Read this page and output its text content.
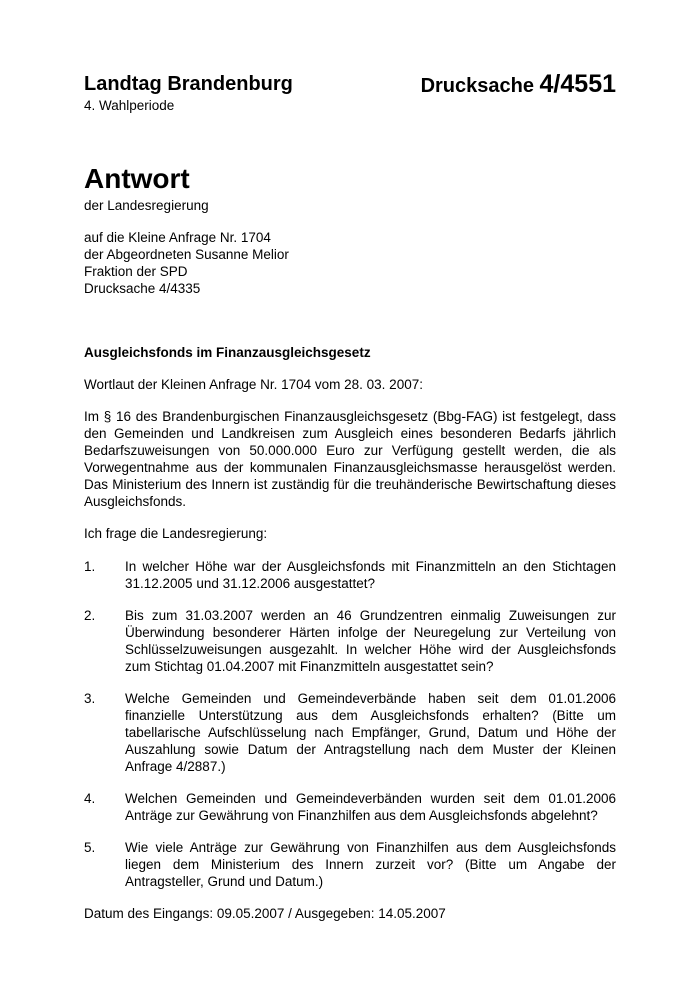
Landtag Brandenburg	Drucksache 4/4551
4. Wahlperiode
Antwort
der Landesregierung
auf die Kleine Anfrage Nr. 1704
der Abgeordneten Susanne Melior
Fraktion der SPD
Drucksache 4/4335
Ausgleichsfonds im Finanzausgleichsgesetz
Wortlaut der Kleinen Anfrage Nr. 1704 vom 28. 03. 2007:
Im § 16 des Brandenburgischen Finanzausgleichsgesetz (Bbg-FAG) ist festgelegt, dass den Gemeinden und Landkreisen zum Ausgleich eines besonderen Bedarfs jährlich Bedarfszuweisungen von 50.000.000 Euro zur Verfügung gestellt werden, die als Vorwegentnahme aus der kommunalen Finanzausgleichsmasse herausgelöst werden. Das Ministerium des Innern ist zuständig für die treuhänderische Bewirtschaftung dieses Ausgleichsfonds.
Ich frage die Landesregierung:
1.	In welcher Höhe war der Ausgleichsfonds mit Finanzmitteln an den Stichtagen 31.12.2005 und 31.12.2006 ausgestattet?
2.	Bis zum 31.03.2007 werden an 46 Grundzentren einmalig Zuweisungen zur Überwindung besonderer Härten infolge der Neuregelung zur Verteilung von Schlüsselzuweisungen ausgezahlt. In welcher Höhe wird der Ausgleichsfonds zum Stichtag 01.04.2007 mit Finanzmitteln ausgestattet sein?
3.	Welche Gemeinden und Gemeindeverbände haben seit dem 01.01.2006 finanzielle Unterstützung aus dem Ausgleichsfonds erhalten? (Bitte um tabellarische Aufschlüsselung nach Empfänger, Grund, Datum und Höhe der Auszahlung sowie Datum der Antragstellung nach dem Muster der Kleinen Anfrage 4/2887.)
4.	Welchen Gemeinden und Gemeindeverbänden wurden seit dem 01.01.2006 Anträge zur Gewährung von Finanzhilfen aus dem Ausgleichsfonds abgelehnt?
5.	Wie viele Anträge zur Gewährung von Finanzhilfen aus dem Ausgleichsfonds liegen dem Ministerium des Innern zurzeit vor? (Bitte um Angabe der Antragsteller, Grund und Datum.)
Datum des Eingangs: 09.05.2007 / Ausgegeben: 14.05.2007
